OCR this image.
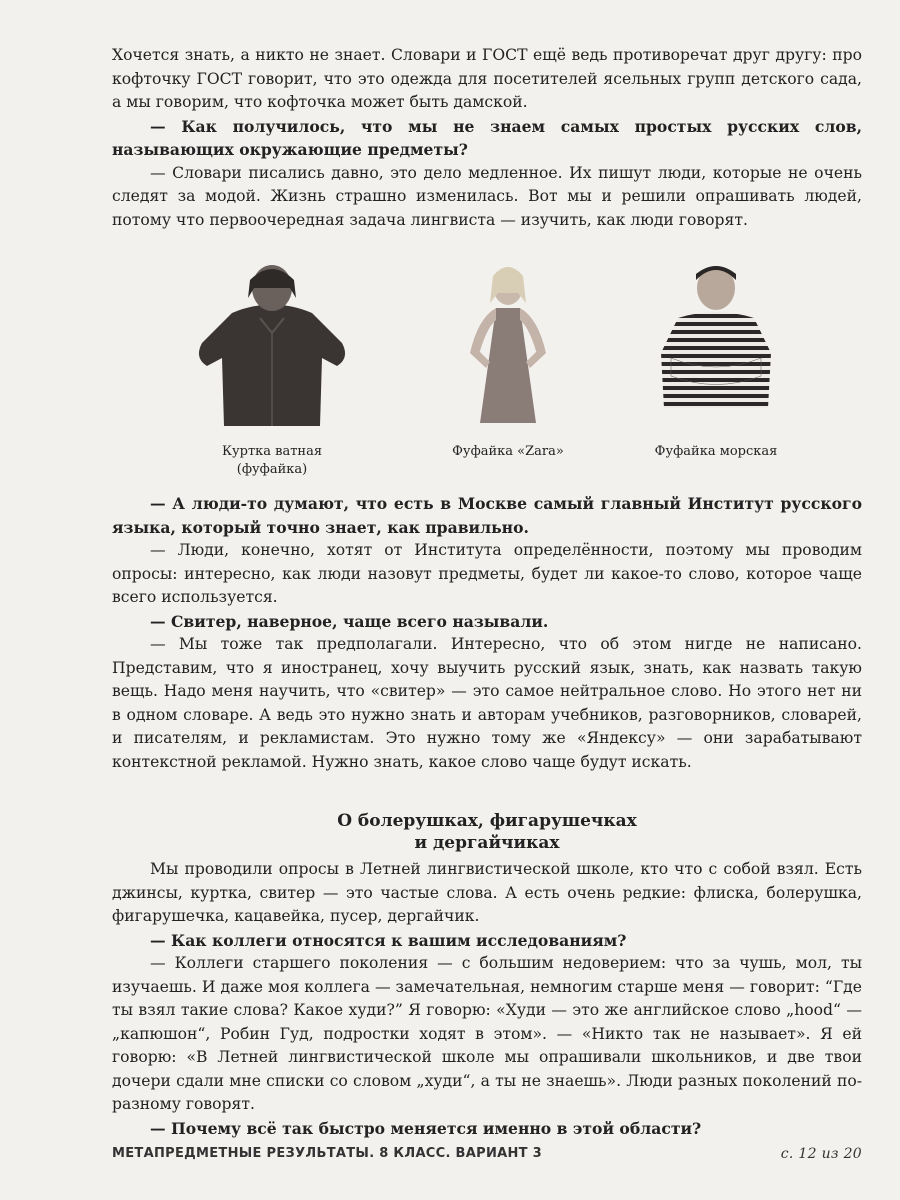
Хочется знать, а никто не знает. Словари и ГОСТ ещё ведь противоречат друг другу: про кофточку ГОСТ говорит, что это одежда для посетителей ясельных групп детского сада, а мы говорим, что кофточка может быть дамской.

— Как получилось, что мы не знаем самых простых русских слов, называющих окружающие предметы?

— Словари писались давно, это дело медленное. Их пишут люди, которые не очень следят за модой. Жизнь страшно изменилась. Вот мы и решили опрашивать людей, потому что первоочередная задача лингвиста — изучить, как люди говорят.

Куртка ватная
(фуфайка)
Фуфайка «Zara»	Фуфайка морская

— А люди-то думают, что есть в Москве самый главный Институт русского языка, который точно знает, как правильно.

— Люди, конечно, хотят от Института определённости, поэтому мы проводим опросы: интересно, как люди назовут предметы, будет ли какое-то слово, которое чаще всего используется.

— Свитер, наверное, чаще всего называли.

— Мы тоже так предполагали. Интересно, что об этом нигде не написано. Представим, что я иностранец, хочу выучить русский язык, знать, как назвать такую вещь. Надо меня научить, что «свитер» — это самое нейтральное слово. Но этого нет ни в одном словаре. А ведь это нужно знать и авторам учебников, разговорников, словарей, и писателям, и рекламистам. Это нужно тому же «Яндексу» — они зарабатывают контекстной рекламой. Нужно знать, какое слово чаще будут искать.

О болерушках, фигарушечках
и дергайчиках

Мы проводили опросы в Летней лингвистической школе, кто что с собой взял. Есть джинсы, куртка, свитер — это частые слова. А есть очень редкие: флиска, болерушка, фигарушечка, кацавейка, пусер, дергайчик.

— Как коллеги относятся к вашим исследованиям?

— Коллеги старшего поколения — с большим недоверием: что за чушь, мол, ты изучаешь. И даже моя коллега — замечательная, немногим старше меня — говорит: “Где ты взял такие слова? Какое худи?” Я говорю: «Худи — это же английское слово „hood“ — „капюшон“, Робин Гуд, подростки ходят в этом». — «Никто так не называет». Я ей говорю: «В Летней лингвистической школе мы опрашивали школьников, и две твои дочери сдали мне списки со словом „худи“, а ты не знаешь». Люди разных поколений по-разному говорят.

— Почему всё так быстро меняется именно в этой области?

МЕТАПРЕДМЕТНЫЕ РЕЗУЛЬТАТЫ. 8 КЛАСС. ВАРИАНТ 3	с. 12 из 20
